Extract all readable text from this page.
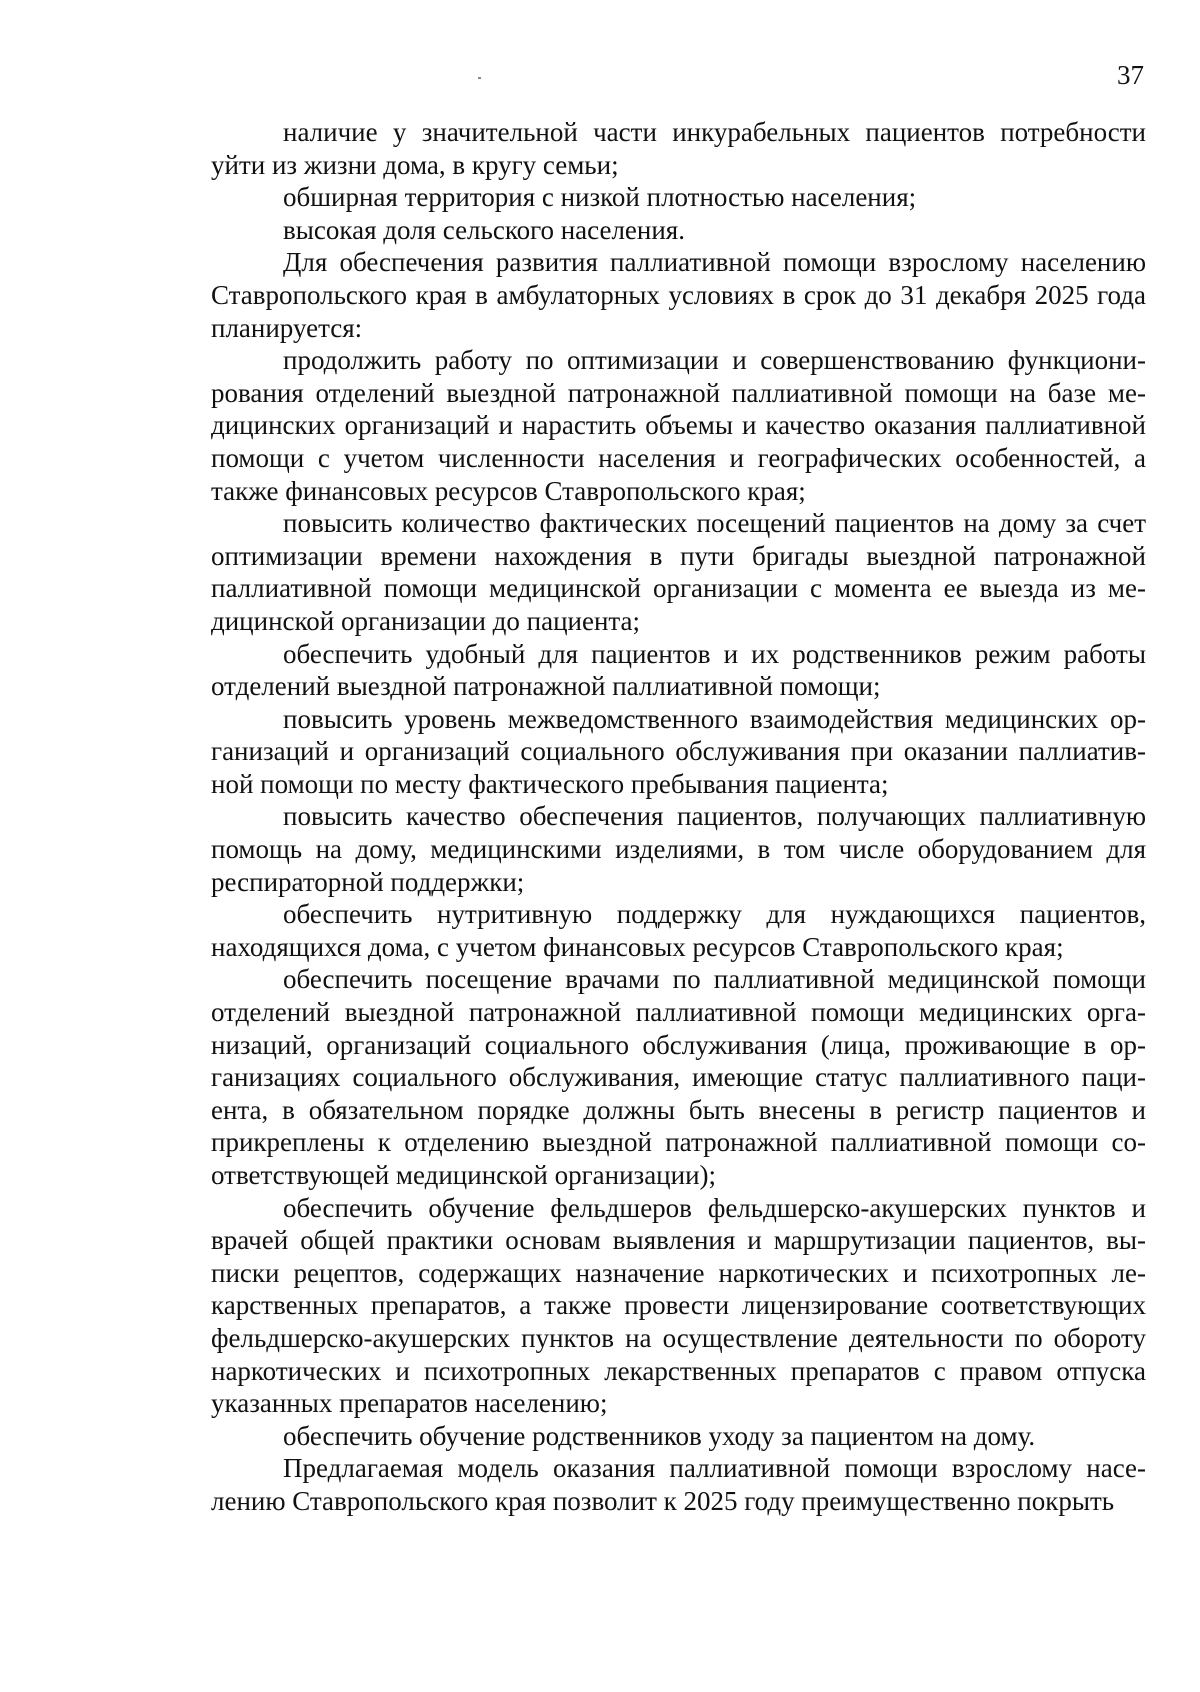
37

наличие у значительной части инкурабельных пациентов потребности уйти из жизни дома, в кругу семьи;

обширная территория с низкой плотностью населения;

высокая доля сельского населения.

Для обеспечения развития паллиативной помощи взрослому населению Ставропольского края в амбулаторных условиях в срок до 31 декабря 2025 года планируется:

продолжить работу по оптимизации и совершенствованию функционирования отделений выездной патронажной паллиативной помощи на базе медицинских организаций и нарастить объемы и качество оказания паллиативной помощи с учетом численности населения и географических особенностей, а также финансовых ресурсов Ставропольского края;

повысить количество фактических посещений пациентов на дому за счет оптимизации времени нахождения в пути бригады выездной патронажной паллиативной помощи медицинской организации с момента ее выезда из медицинской организации до пациента;

обеспечить удобный для пациентов и их родственников режим работы отделений выездной патронажной паллиативной помощи;

повысить уровень межведомственного взаимодействия медицинских организаций и организаций социального обслуживания при оказании паллиативной помощи по месту фактического пребывания пациента;

повысить качество обеспечения пациентов, получающих паллиативную помощь на дому, медицинскими изделиями, в том числе оборудованием для респираторной поддержки;

обеспечить нутритивную поддержку для нуждающихся пациентов, находящихся дома, с учетом финансовых ресурсов Ставропольского края;

обеспечить посещение врачами по паллиативной медицинской помощи отделений выездной патронажной паллиативной помощи медицинских организаций, организаций социального обслуживания (лица, проживающие в организациях социального обслуживания, имеющие статус паллиативного пациента, в обязательном порядке должны быть внесены в регистр пациентов и прикреплены к отделению выездной патронажной паллиативной помощи соответствующей медицинской организации);

обеспечить обучение фельдшеров фельдшерско-акушерских пунктов и врачей общей практики основам выявления и маршрутизации пациентов, выписки рецептов, содержащих назначение наркотических и психотропных лекарственных препаратов, а также провести лицензирование соответствующих фельдшерско-акушерских пунктов на осуществление деятельности по обороту наркотических и психотропных лекарственных препаратов с правом отпуска указанных препаратов населению;

обеспечить обучение родственников уходу за пациентом на дому.

Предлагаемая модель оказания паллиативной помощи взрослому населению Ставропольского края позволит к 2025 году преимущественно покрыть
